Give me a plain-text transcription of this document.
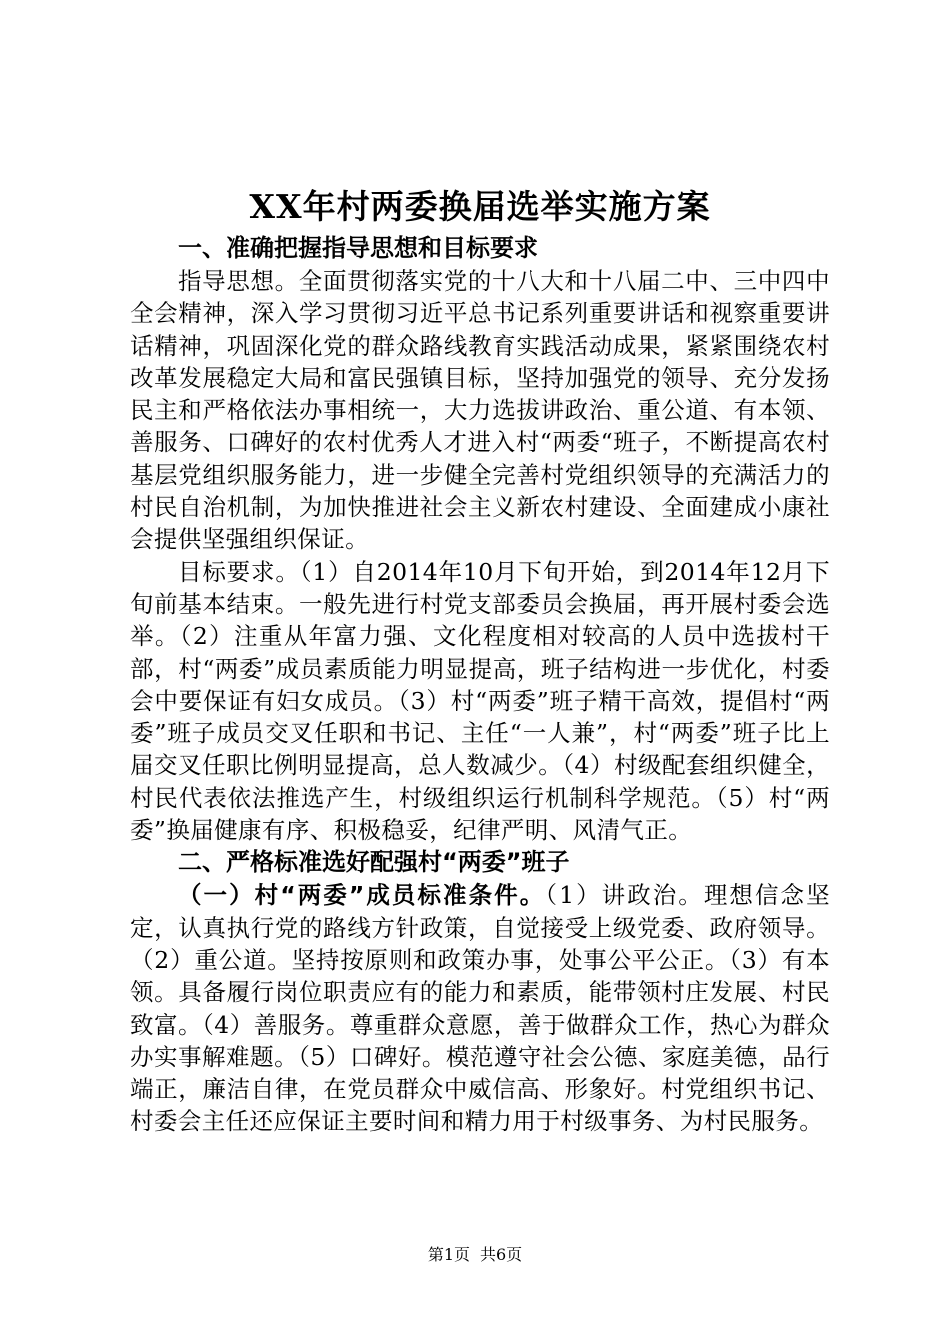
XX年村两委换届选举实施方案

一、准确把握指导思想和目标要求

指导思想。全面贯彻落实党的十八大和十八届二中、三中四中全会精神，深入学习贯彻习近平总书记系列重要讲话和视察重要讲话精神，巩固深化党的群众路线教育实践活动成果，紧紧围绕农村改革发展稳定大局和富民强镇目标，坚持加强党的领导、充分发扬民主和严格依法办事相统一，大力选拔讲政治、重公道、有本领、善服务、口碑好的农村优秀人才进入村“两委“班子，不断提高农村基层党组织服务能力，进一步健全完善村党组织领导的充满活力的村民自治机制，为加快推进社会主义新农村建设、全面建成小康社会提供坚强组织保证。

目标要求。（1）自2014年10月下旬开始，到2014年12月下旬前基本结束。一般先进行村党支部委员会换届，再开展村委会选举。（2）注重从年富力强、文化程度相对较高的人员中选拔村干部，村“两委”成员素质能力明显提高，班子结构进一步优化，村委会中要保证有妇女成员。（3）村“两委”班子精干高效，提倡村“两委”班子成员交叉任职和书记、主任“一人兼”，村“两委”班子比上届交叉任职比例明显提高，总人数减少。（4）村级配套组织健全，村民代表依法推选产生，村级组织运行机制科学规范。（5）村“两委”换届健康有序、积极稳妥，纪律严明、风清气正。

二、严格标准选好配强村“两委”班子

（一）村“两委”成员标准条件。（1）讲政治。理想信念坚定，认真执行党的路线方针政策，自觉接受上级党委、政府领导。（2）重公道。坚持按原则和政策办事，处事公平公正。（3）有本领。具备履行岗位职责应有的能力和素质，能带领村庄发展、村民致富。（4）善服务。尊重群众意愿，善于做群众工作，热心为群众办实事解难题。（5）口碑好。模范遵守社会公德、家庭美德，品行端正，廉洁自律，在党员群众中威信高、形象好。村党组织书记、村委会主任还应保证主要时间和精力用于村级事务、为村民服务。

第1页 共6页
